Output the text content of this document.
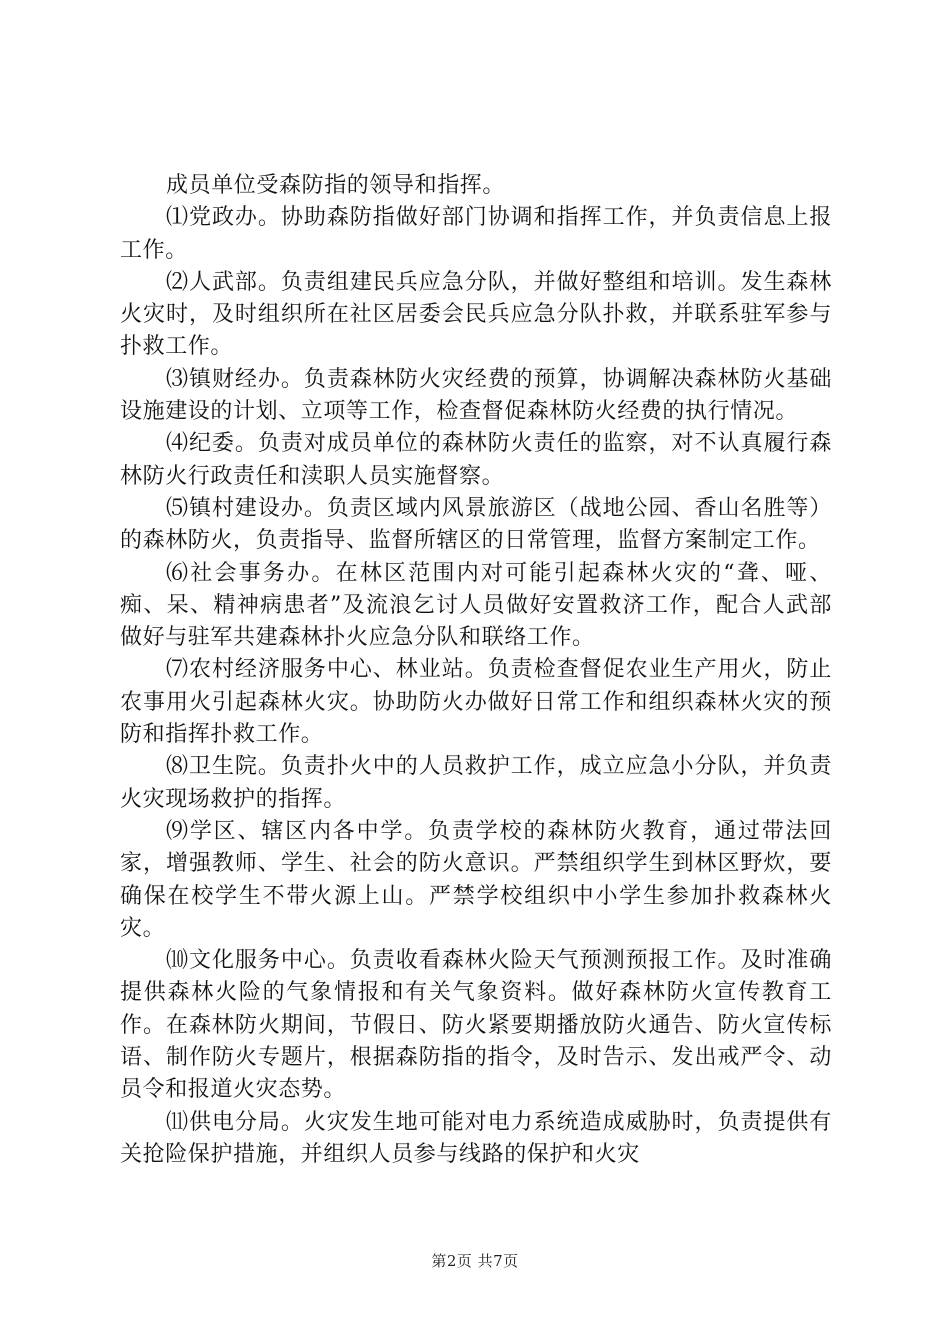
成员单位受森防指的领导和指挥。

⑴党政办。协助森防指做好部门协调和指挥工作，并负责信息上报工作。

⑵人武部。负责组建民兵应急分队，并做好整组和培训。发生森林火灾时，及时组织所在社区居委会民兵应急分队扑救，并联系驻军参与扑救工作。

⑶镇财经办。负责森林防火灾经费的预算，协调解决森林防火基础设施建设的计划、立项等工作，检查督促森林防火经费的执行情况。

⑷纪委。负责对成员单位的森林防火责任的监察，对不认真履行森林防火行政责任和渎职人员实施督察。

⑸镇村建设办。负责区域内风景旅游区（战地公园、香山名胜等）的森林防火，负责指导、监督所辖区的日常管理，监督方案制定工作。

⑹社会事务办。在林区范围内对可能引起森林火灾的“聋、哑、痴、呆、精神病患者”及流浪乞讨人员做好安置救济工作，配合人武部做好与驻军共建森林扑火应急分队和联络工作。

⑺农村经济服务中心、林业站。负责检查督促农业生产用火，防止农事用火引起森林火灾。协助防火办做好日常工作和组织森林火灾的预防和指挥扑救工作。

⑻卫生院。负责扑火中的人员救护工作，成立应急小分队，并负责火灾现场救护的指挥。

⑼学区、辖区内各中学。负责学校的森林防火教育，通过带法回家，增强教师、学生、社会的防火意识。严禁组织学生到林区野炊，要确保在校学生不带火源上山。严禁学校组织中小学生参加扑救森林火灾。

⑽文化服务中心。负责收看森林火险天气预测预报工作。及时准确提供森林火险的气象情报和有关气象资料。做好森林防火宣传教育工作。在森林防火期间，节假日、防火紧要期播放防火通告、防火宣传标语、制作防火专题片，根据森防指的指令，及时告示、发出戒严令、动员令和报道火灾态势。

⑾供电分局。火灾发生地可能对电力系统造成威胁时，负责提供有关抢险保护措施，并组织人员参与线路的保护和火灾

第2页 共7页
